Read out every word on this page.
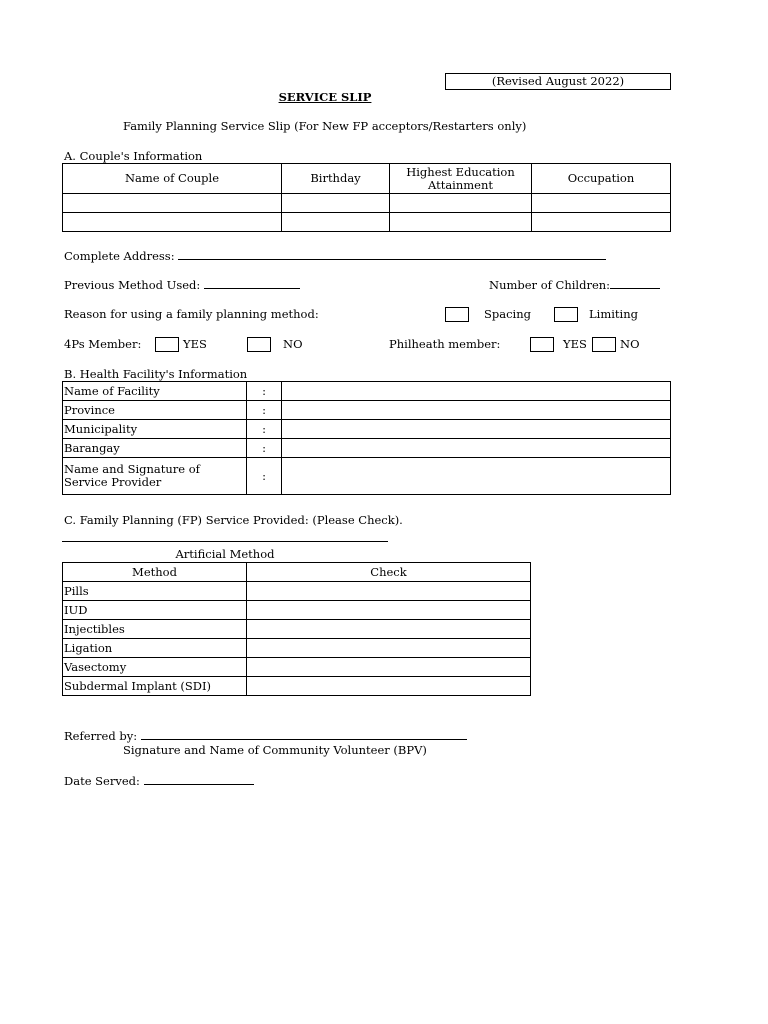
(Revised August 2022)
SERVICE SLIP
Family Planning Service Slip (For New FP acceptors/Restarters only)
A. Couple's Information
Name of Couple	Birthday	Highest Education Attainment	Occupation

Complete Address:
Previous Method Used:	Number of Children:
Reason for using a family planning method:	Spacing	Limiting
4Ps Member:	YES	NO	Philheath member:	YES	NO
B. Health Facility's Information
Name of Facility	:	
Province	:	
Municipality	:	
Barangay	:	
Name and Signature of Service Provider	:	
C. Family Planning (FP) Service Provided: (Please Check).
Artificial Method
Method	Check
Pills	
IUD	
Injectibles	
Ligation	
Vasectomy	
Subdermal Implant (SDI)	
Referred by:
Signature and Name of Community Volunteer (BPV)
Date Served:
